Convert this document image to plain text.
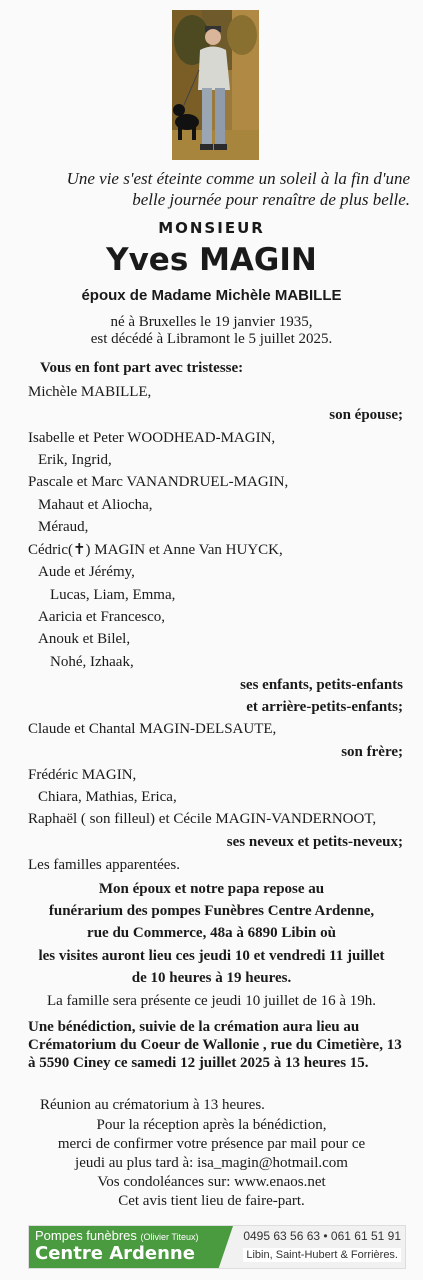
Une vie s'est éteinte comme un soleil à la fin d'une belle journée pour renaître de plus belle.
MONSIEUR
Yves MAGIN
époux de Madame Michèle MABILLE
né à Bruxelles le 19 janvier 1935,
est décédé à Libramont le 5 juillet 2025.
Vous en font part avec tristesse:
Michèle MABILLE,
son épouse;
Isabelle et Peter WOODHEAD-MAGIN,
Erik, Ingrid,
Pascale et Marc VANANDRUEL-MAGIN,
Mahaut et Aliocha,
Méraud,
Cédric(✝) MAGIN et Anne Van HUYCK,
Aude et Jérémy,
Lucas, Liam, Emma,
Aaricia et Francesco,
Anouk et Bilel,
Nohé, Izhaak,
ses enfants, petits-enfants
et arrière-petits-enfants;
Claude et Chantal MAGIN-DELSAUTE,
son frère;
Frédéric MAGIN,
Chiara, Mathias, Erica,
Raphaël ( son filleul) et Cécile MAGIN-VANDERNOOT,
ses neveux et petits-neveux;
Les familles apparentées.
Mon époux et notre papa repose au
funérarium des pompes Funèbres Centre Ardenne,
rue du Commerce, 48a à 6890 Libin où
les visites auront lieu ces jeudi 10 et vendredi 11 juillet
de 10 heures à 19 heures.
La famille sera présente ce jeudi 10 juillet de 16 à 19h.
Une bénédiction, suivie de la crémation aura lieu au Crématorium du Coeur de Wallonie , rue du Cimetière, 13 à 5590 Ciney ce samedi 12 juillet 2025 à 13 heures 15.
Réunion au crématorium à 13 heures.
Pour la réception après la bénédiction,
merci de confirmer votre présence par mail pour ce
jeudi au plus tard à: isa_magin@hotmail.com
Vos condoléances sur: www.enaos.net
Cet avis tient lieu de faire-part.
Pompes funèbres (Olivier Titeux)
Centre Ardenne
0495 63 56 63 • 061 61 51 91
Libin, Saint-Hubert & Forrières.
